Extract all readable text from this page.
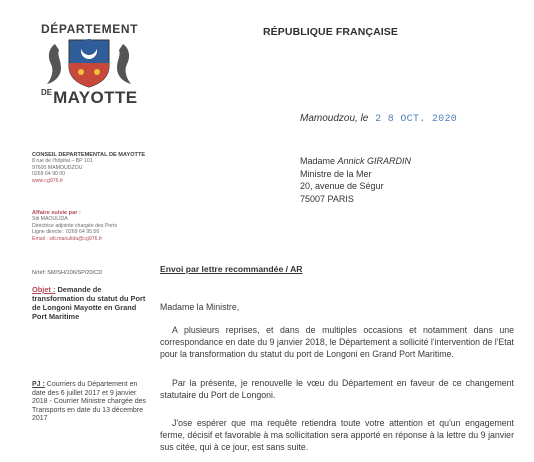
DÉPARTEMENT
$^{DE}$MAYOTTE
RÉPUBLIQUE FRANÇAISE
Mamoudzou, le 2 8 OCT. 2020
CONSEIL DEPARTEMENTAL DE MAYOTTE
8 rue de l'hôpital – BP 101
97600 MAMOUDZOU
0269 64 90 00
www.cg976.fr
Affaire suivie par :
Siti MAOULIDA
Directrice adjointe chargée des Ports
Ligne directe : 0269 64 95 56
Email : siti.maoulida@cg976.fr
N/réf: SM/SH/106/SP/20/CD
Objet : Demande de transformation du statut du Port de Longoni Mayotte en Grand Port Maritime
PJ : Courriers du Département en date des 6 juillet 2017 et 9 janvier 2018 - Courrier Ministre chargée des Transports en date du 13 décembre 2017
Madame Annick GIRARDIN
Ministre de la Mer
20, avenue de Ségur
75007 PARIS
Envoi par lettre recommandée / AR
Madame la Ministre,
A plusieurs reprises, et dans de multiples occasions et notamment dans une correspondance en date du 9 janvier 2018, le Département a sollicité l'intervention de l'Etat pour la transformation du statut du port de Longoni en Grand Port Maritime.
Par la présente, je renouvelle le vœu du Département en faveur de ce changement statutaire du Port de Longoni.
J'ose espérer que ma requête retiendra toute votre attention et qu'un engagement ferme, décisif et favorable à ma sollicitation sera apporté en réponse à la lettre du 9 janvier sus citée, qui à ce jour, est sans suite.
